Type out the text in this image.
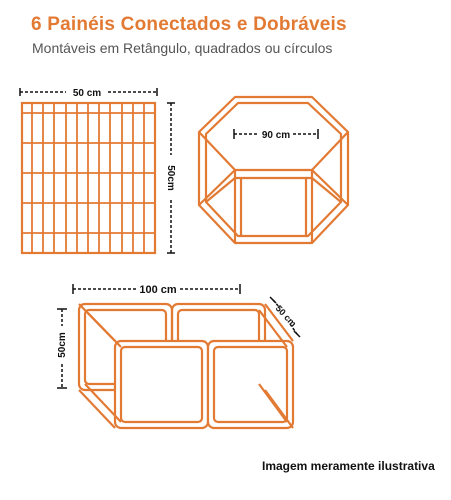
6 Painéis Conectados e Dobráveis
Montáveis em Retângulo, quadrados ou círculos
50 cm
50cm
90 cm
100 cm
50 cm
50cm
Imagem meramente ilustrativa
